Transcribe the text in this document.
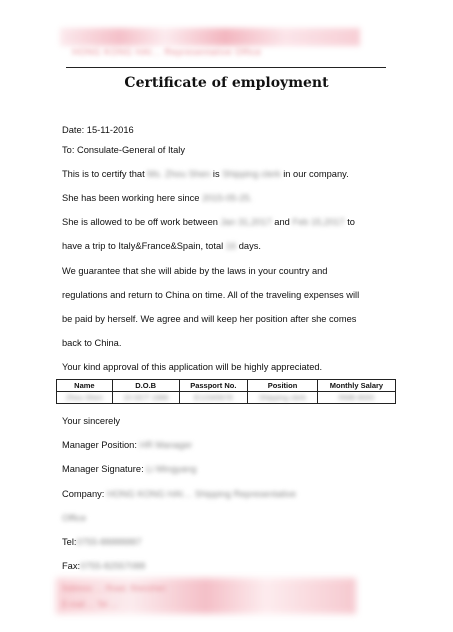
HONG KONG HAI… Representative Office
Certificate of employment
Date: 15-11-2016
To: Consulate-General of Italy
This is to certify that Ms. Zhou Shen is Shipping clerk in our company.
She has been working here since 2015-05-25.
She is allowed to be off work between Jan 31,2017 and Feb 15,2017 to
have a trip to Italy&France&Spain, total 16 days.
We guarantee that she will abide by the laws in your country and
regulations and return to China on time. All of the traveling expenses will
be paid by herself. We agree and will keep her position after she comes
back to China.
Your kind approval of this application will be highly appreciated.
Name	D.O.B	Passport No.	Position	Monthly Salary
Zhou Shen	15 OCT 1988	E12345678	Shipping clerk	RMB 8000
Your sincerely
Manager Position: HR Manager
Manager Signature: Li Mingyang
Company: HONG KONG HAI… Shipping Representative
Office
Tel:0755-88888887
Fax:0755-82557088
Address: … Road, Shenzhen
E-mail … Tel …
